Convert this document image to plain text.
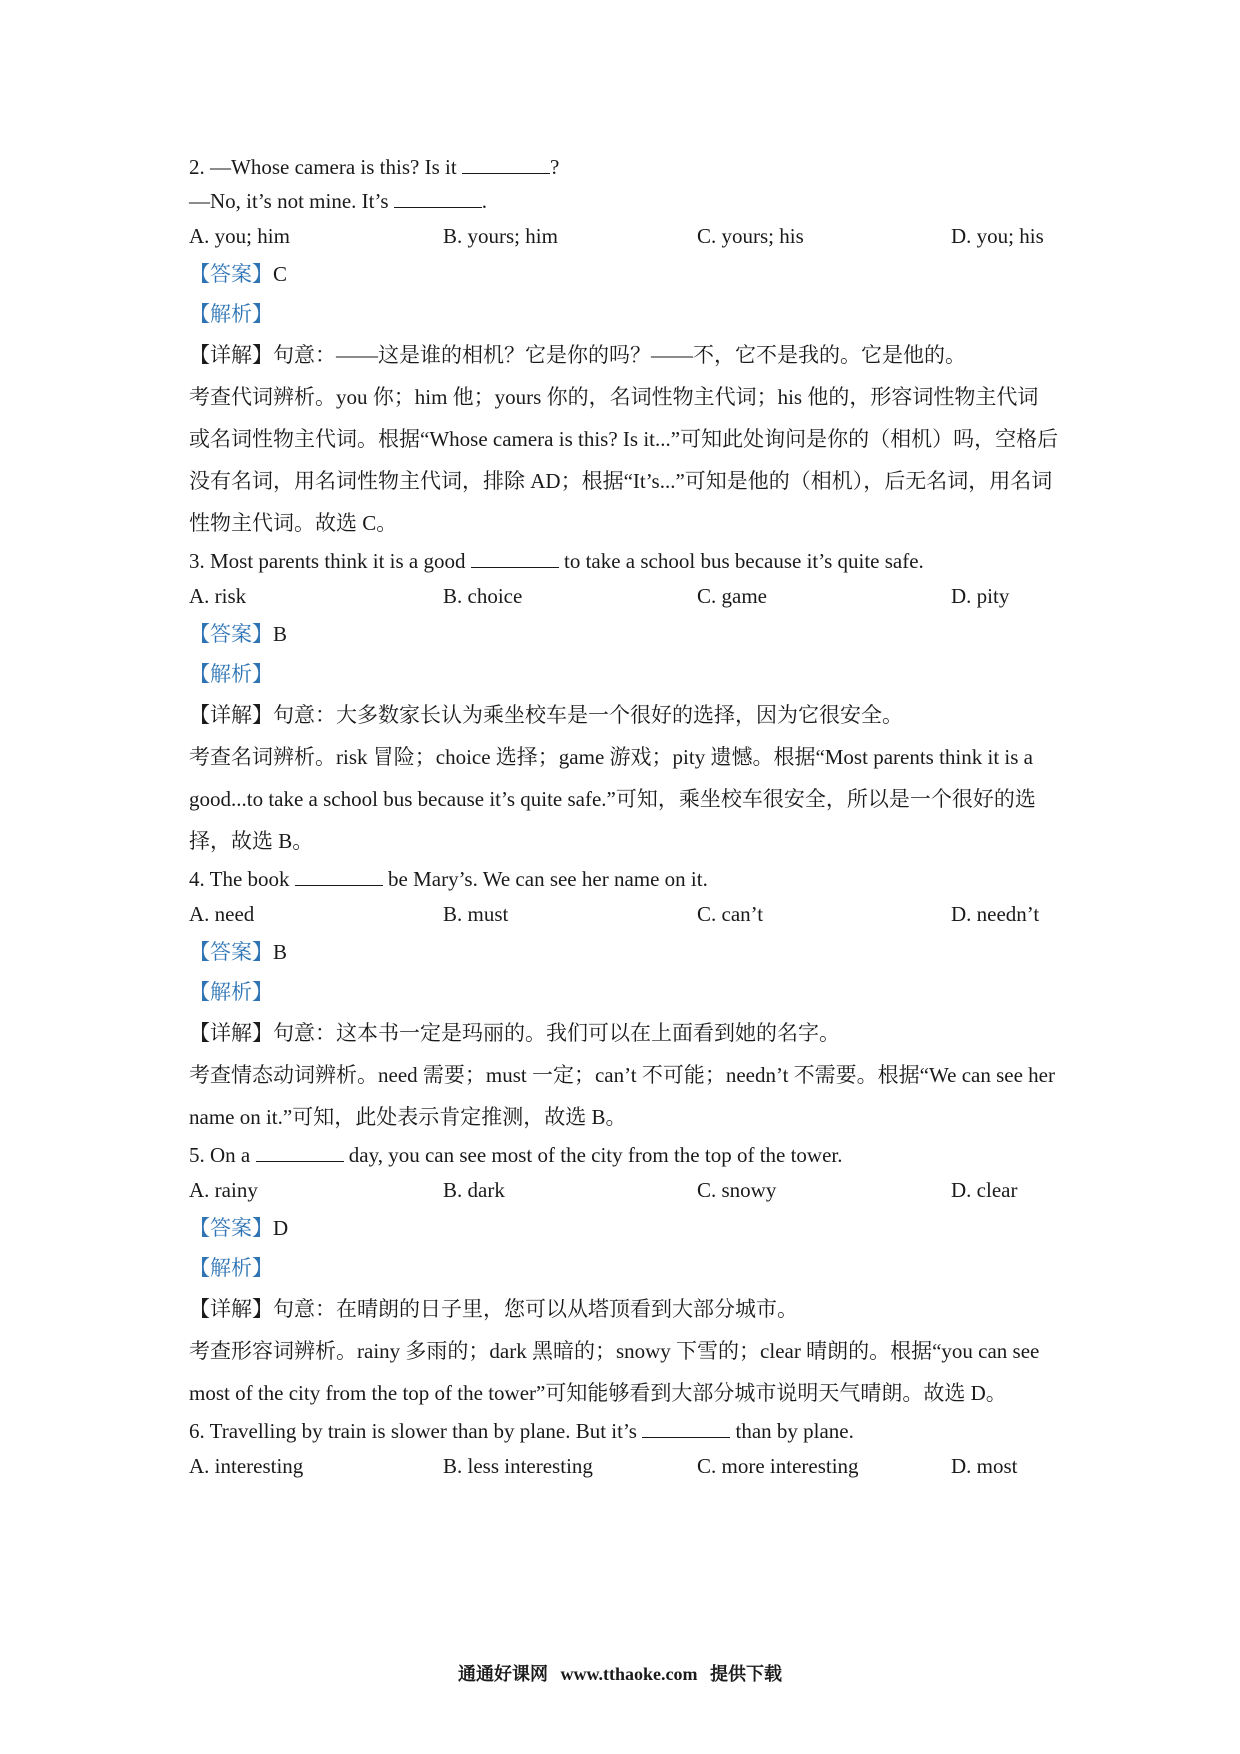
2. —Whose camera is this? Is it	?
—No, it’s not mine. It’s	.
A. you; him	B. yours; him	C. yours; his	D. you; his
【答案】C
【解析】
【详解】句意：——这是谁的相机？它是你的吗？——不，它不是我的。它是他的。
考查代词辨析。you 你；him 他；yours 你的，名词性物主代词；his 他的，形容词性物主代词或名词性物主代词。根据“Whose camera is this? Is it...”可知此处询问是你的（相机）吗，空格后没有名词，用名词性物主代词，排除 AD；根据“It’s...”可知是他的（相机），后无名词，用名词性物主代词。故选 C。
3. Most parents think it is a good	to take a school bus because it’s quite safe.
A. risk	B. choice	C. game	D. pity
【答案】B
【解析】
【详解】句意：大多数家长认为乘坐校车是一个很好的选择，因为它很安全。
考查名词辨析。risk 冒险；choice 选择；game 游戏；pity 遗憾。根据“Most parents think it is a good...to take a school bus because it’s quite safe.”可知，乘坐校车很安全，所以是一个很好的选择，故选 B。
4. The book	be Mary’s. We can see her name on it.
A. need	B. must	C. can’t	D. needn’t
【答案】B
【解析】
【详解】句意：这本书一定是玛丽的。我们可以在上面看到她的名字。
考查情态动词辨析。need 需要；must 一定；can’t 不可能；needn’t 不需要。根据“We can see her name on it.”可知，此处表示肯定推测，故选 B。
5. On a	day, you can see most of the city from the top of the tower.
A. rainy	B. dark	C. snowy	D. clear
【答案】D
【解析】
【详解】句意：在晴朗的日子里，您可以从塔顶看到大部分城市。
考查形容词辨析。rainy 多雨的；dark 黑暗的；snowy 下雪的；clear 晴朗的。根据“you can see most of the city from the top of the tower”可知能够看到大部分城市说明天气晴朗。故选 D。
6. Travelling by train is slower than by plane. But it’s	than by plane.
A. interesting	B. less interesting	C. more interesting	D. most
通通好课网 www.tthaoke.com 提供下载
